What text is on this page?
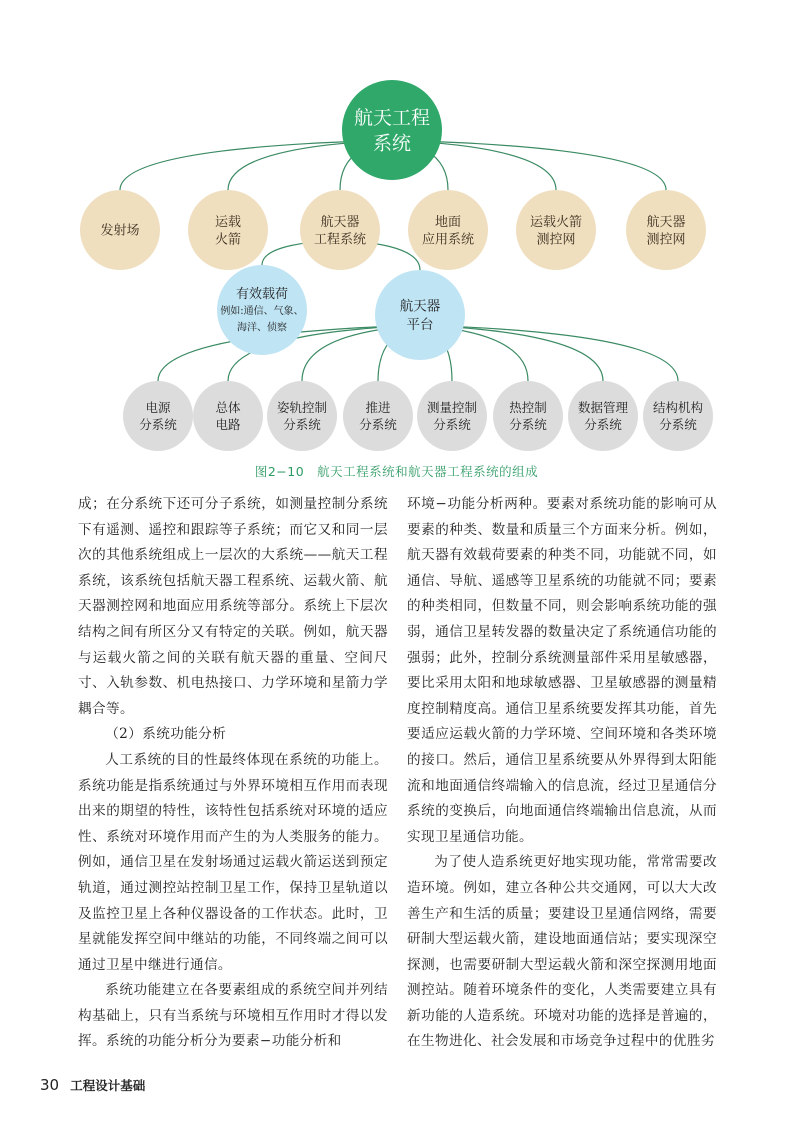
航天工程
系统
发射场
运载
火箭
航天器
工程系统
地面
应用系统
运载火箭
测控网
航天器
测控网
有效载荷
例如:通信、气象、
海洋、侦察
航天器
平台
电源
分系统
总体
电路
姿轨控制
分系统
推进
分系统
测量控制
分系统
热控制
分系统
数据管理
分系统
结构机构
分系统
图2−10　航天工程系统和航天器工程系统的组成

成；在分系统下还可分子系统，如测量控制分系统下有遥测、遥控和跟踪等子系统；而它又和同一层次的其他系统组成上一层次的大系统——航天工程系统，该系统包括航天器工程系统、运载火箭、航天器测控网和地面应用系统等部分。系统上下层次结构之间有所区分又有特定的关联。例如，航天器与运载火箭之间的关联有航天器的重量、空间尺寸、入轨参数、机电热接口、力学环境和星箭力学耦合等。

（2）系统功能分析

人工系统的目的性最终体现在系统的功能上。系统功能是指系统通过与外界环境相互作用而表现出来的期望的特性，该特性包括系统对环境的适应性、系统对环境作用而产生的为人类服务的能力。例如，通信卫星在发射场通过运载火箭运送到预定轨道，通过测控站控制卫星工作，保持卫星轨道以及监控卫星上各种仪器设备的工作状态。此时，卫星就能发挥空间中继站的功能，不同终端之间可以通过卫星中继进行通信。

系统功能建立在各要素组成的系统空间并列结构基础上，只有当系统与环境相互作用时才得以发挥。系统的功能分析分为要素−功能分析和

环境−功能分析两种。要素对系统功能的影响可从要素的种类、数量和质量三个方面来分析。例如，航天器有效载荷要素的种类不同，功能就不同，如通信、导航、遥感等卫星系统的功能就不同；要素的种类相同，但数量不同，则会影响系统功能的强弱，通信卫星转发器的数量决定了系统通信功能的强弱；此外，控制分系统测量部件采用星敏感器，要比采用太阳和地球敏感器、卫星敏感器的测量精度控制精度高。通信卫星系统要发挥其功能，首先要适应运载火箭的力学环境、空间环境和各类环境的接口。然后，通信卫星系统要从外界得到太阳能流和地面通信终端输入的信息流，经过卫星通信分系统的变换后，向地面通信终端输出信息流，从而实现卫星通信功能。

为了使人造系统更好地实现功能，常常需要改造环境。例如，建立各种公共交通网，可以大大改善生产和生活的质量；要建设卫星通信网络，需要研制大型运载火箭，建设地面通信站；要实现深空探测，也需要研制大型运载火箭和深空探测用地面测控站。随着环境条件的变化，人类需要建立具有新功能的人造系统。环境对功能的选择是普遍的，在生物进化、社会发展和市场竞争过程中的优胜劣

30 工程设计基础
